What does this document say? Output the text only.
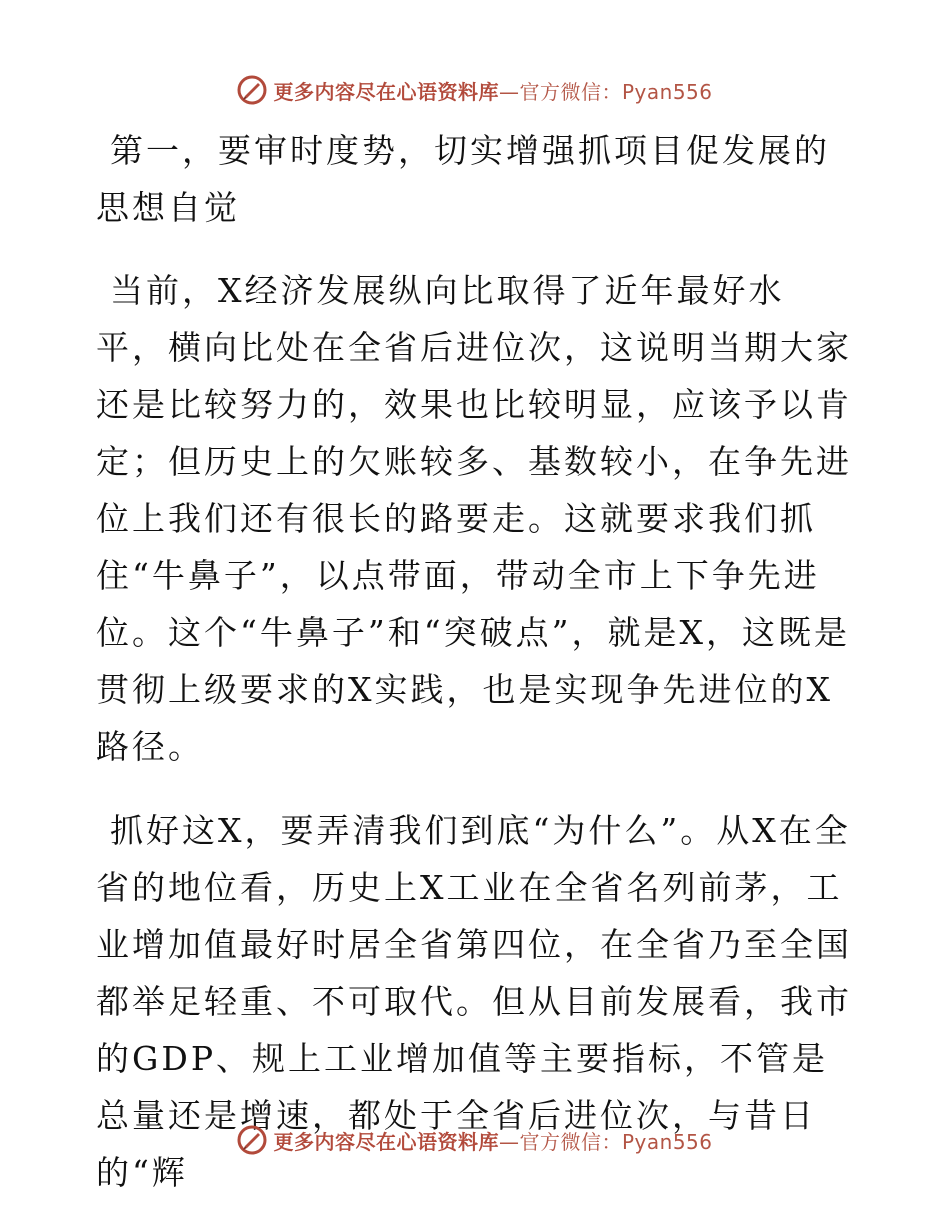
更多内容尽在心语资料库—官方微信：Pyan556

第一，要审时度势，切实增强抓项目促发展的思想自觉

当前，X经济发展纵向比取得了近年最好水平，横向比处在全省后进位次，这说明当期大家还是比较努力的，效果也比较明显，应该予以肯定；但历史上的欠账较多、基数较小，在争先进位上我们还有很长的路要走。这就要求我们抓住“牛鼻子”，以点带面，带动全市上下争先进位。这个“牛鼻子”和“突破点”，就是X，这既是贯彻上级要求的X实践，也是实现争先进位的X路径。

抓好这X，要弄清我们到底“为什么”。从X在全省的地位看，历史上X工业在全省名列前茅，工业增加值最好时居全省第四位，在全省乃至全国都举足轻重、不可取代。但从目前发展看，我市的GDP、规上工业增加值等主要指标，不管是总量还是增速，都处于全省后进位次，与昔日的“辉

更多内容尽在心语资料库—官方微信：Pyan556
